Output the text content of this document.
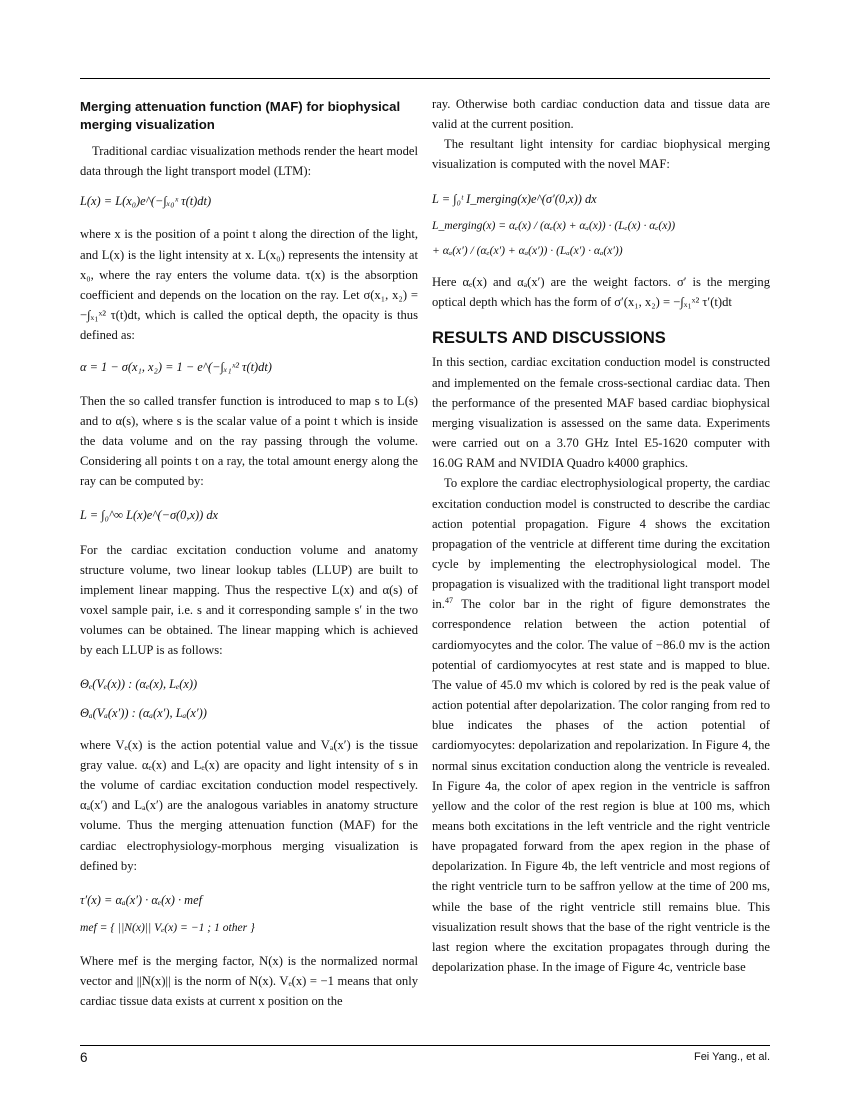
Merging attenuation function (MAF) for biophysical merging visualization

Traditional cardiac visualization methods render the heart model data through the light transport model (LTM):

L(x) = L(x₀)e^(−∫ₓ₀ˣ τ(t)dt)

where x is the position of a point t along the direction of the light, and L(x) is the light intensity at x. L(x₀) represents the intensity at x₀, where the ray enters the volume data. τ(x) is the absorption coefficient and depends on the location on the ray. Let σ(x₁, x₂) = −∫ₓ₁ˣ² τ(t)dt, which is called the optical depth, the opacity is thus defined as:

α = 1 − σ(x₁, x₂) = 1 − e^(−∫ₓ₁ˣ² τ(t)dt)

Then the so called transfer function is introduced to map s to L(s) and to α(s), where s is the scalar value of a point t which is inside the data volume and on the ray passing through the volume. Considering all points t on a ray, the total amount energy along the ray can be computed by:

L = ∫₀^∞ L(x)e^(−σ(0,x)) dx

For the cardiac excitation conduction volume and anatomy structure volume, two linear lookup tables (LLUP) are built to implement linear mapping. Thus the respective L(x) and α(s) of voxel sample pair, i.e. s and it corresponding sample s′ in the two volumes can be obtained. The linear mapping which is achieved by each LLUP is as follows:

Θₑ(Vₑ(x)) : (αₑ(x), Lₑ(x))

Θₐ(Vₐ(x′)) : (αₐ(x′), Lₐ(x′))

where Vₑ(x) is the action potential value and Vₐ(x′) is the tissue gray value. αₑ(x) and Lₑ(x) are opacity and light intensity of s in the volume of cardiac excitation conduction model respectively. αₐ(x′) and Lₐ(x′) are the analogous variables in anatomy structure volume. Thus the merging attenuation function (MAF) for the cardiac electrophysiology-morphous merging visualization is defined by:

τ′(x) = αₐ(x′) · αₑ(x) · mef

mef = { ||N(x)|| Vₑ(x) = −1 ; 1 other }

Where mef is the merging factor, N(x) is the normalized normal vector and ||N(x)|| is the norm of N(x). Vₑ(x) = −1 means that only cardiac tissue data exists at current x position on the

ray. Otherwise both cardiac conduction data and tissue data are valid at the current position.

The resultant light intensity for cardiac biophysical merging visualization is computed with the novel MAF:

L = ∫₀ᵗ I_merging(x)e^(σ′(0,x)) dx

L_merging(x) = αₑ(x) / (αₑ(x) + αₐ(x)) · (Lₑ(x) · αₑ(x))

+ αₐ(x′) / (αₑ(x′) + αₐ(x′)) · (Lₐ(x′) · αₐ(x′))

Here αₑ(x) and αₐ(x′) are the weight factors. σ′ is the merging optical depth which has the form of σ′(x₁, x₂) = −∫ₓ₁ˣ² τ′(t)dt

RESULTS AND DISCUSSIONS

In this section, cardiac excitation conduction model is constructed and implemented on the female cross-sectional cardiac data. Then the performance of the presented MAF based cardiac biophysical merging visualization is assessed on the same data. Experiments were carried out on a 3.70 GHz Intel E5-1620 computer with 16.0G RAM and NVIDIA Quadro k4000 graphics.

To explore the cardiac electrophysiological property, the cardiac excitation conduction model is constructed to describe the cardiac action potential propagation. Figure 4 shows the excitation propagation of the ventricle at different time during the excitation cycle by implementing the electrophysiological model. The propagation is visualized with the traditional light transport model in.$^{47}$ The color bar in the right of figure demonstrates the correspondence relation between the action potential of cardiomyocytes and the color. The value of −86.0 mv is the action potential of cardiomyocytes at rest state and is mapped to blue. The value of 45.0 mv which is colored by red is the peak value of action potential after depolarization. The color ranging from red to blue indicates the phases of the action potential of cardiomyocytes: depolarization and repolarization. In Figure 4, the normal sinus excitation conduction along the ventricle is revealed. In Figure 4a, the color of apex region in the ventricle is saffron yellow and the color of the rest region is blue at 100 ms, which means both excitations in the left ventricle and the right ventricle have propagated forward from the apex region in the phase of depolarization. In Figure 4b, the left ventricle and most regions of the right ventricle turn to be saffron yellow at the time of 200 ms, while the base of the right ventricle still remains blue. This visualization result shows that the base of the right ventricle is the last region where the excitation propagates through during the depolarization phase. In the image of Figure 4c, ventricle base

6	Fei Yang., et al.
